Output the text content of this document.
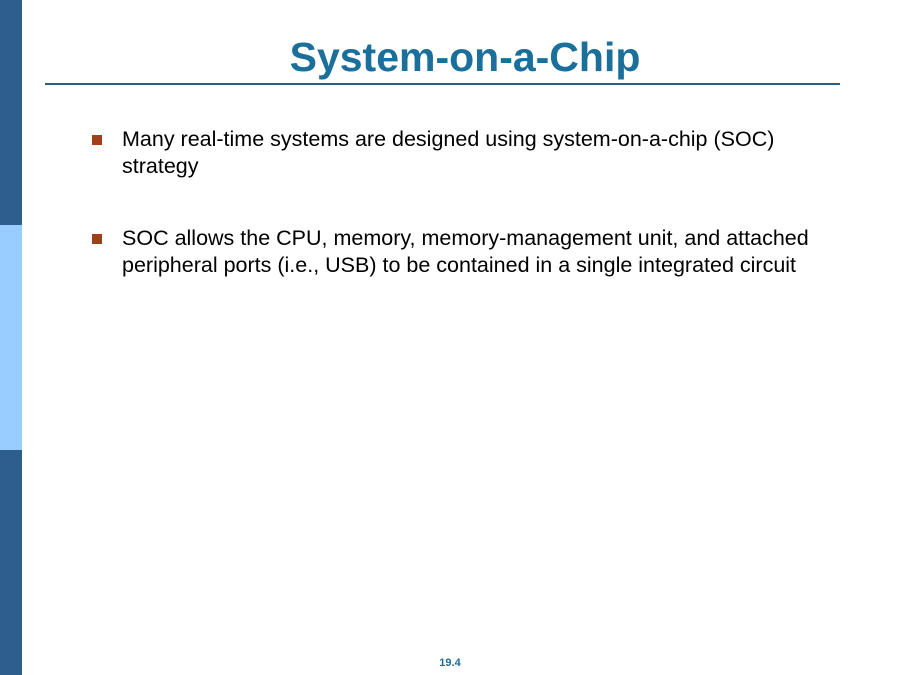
System-on-a-Chip
Many real-time systems are designed using system-on-a-chip (SOC) strategy
SOC allows the CPU, memory, memory-management unit, and attached peripheral ports (i.e., USB) to be contained in a single integrated circuit
19.4
